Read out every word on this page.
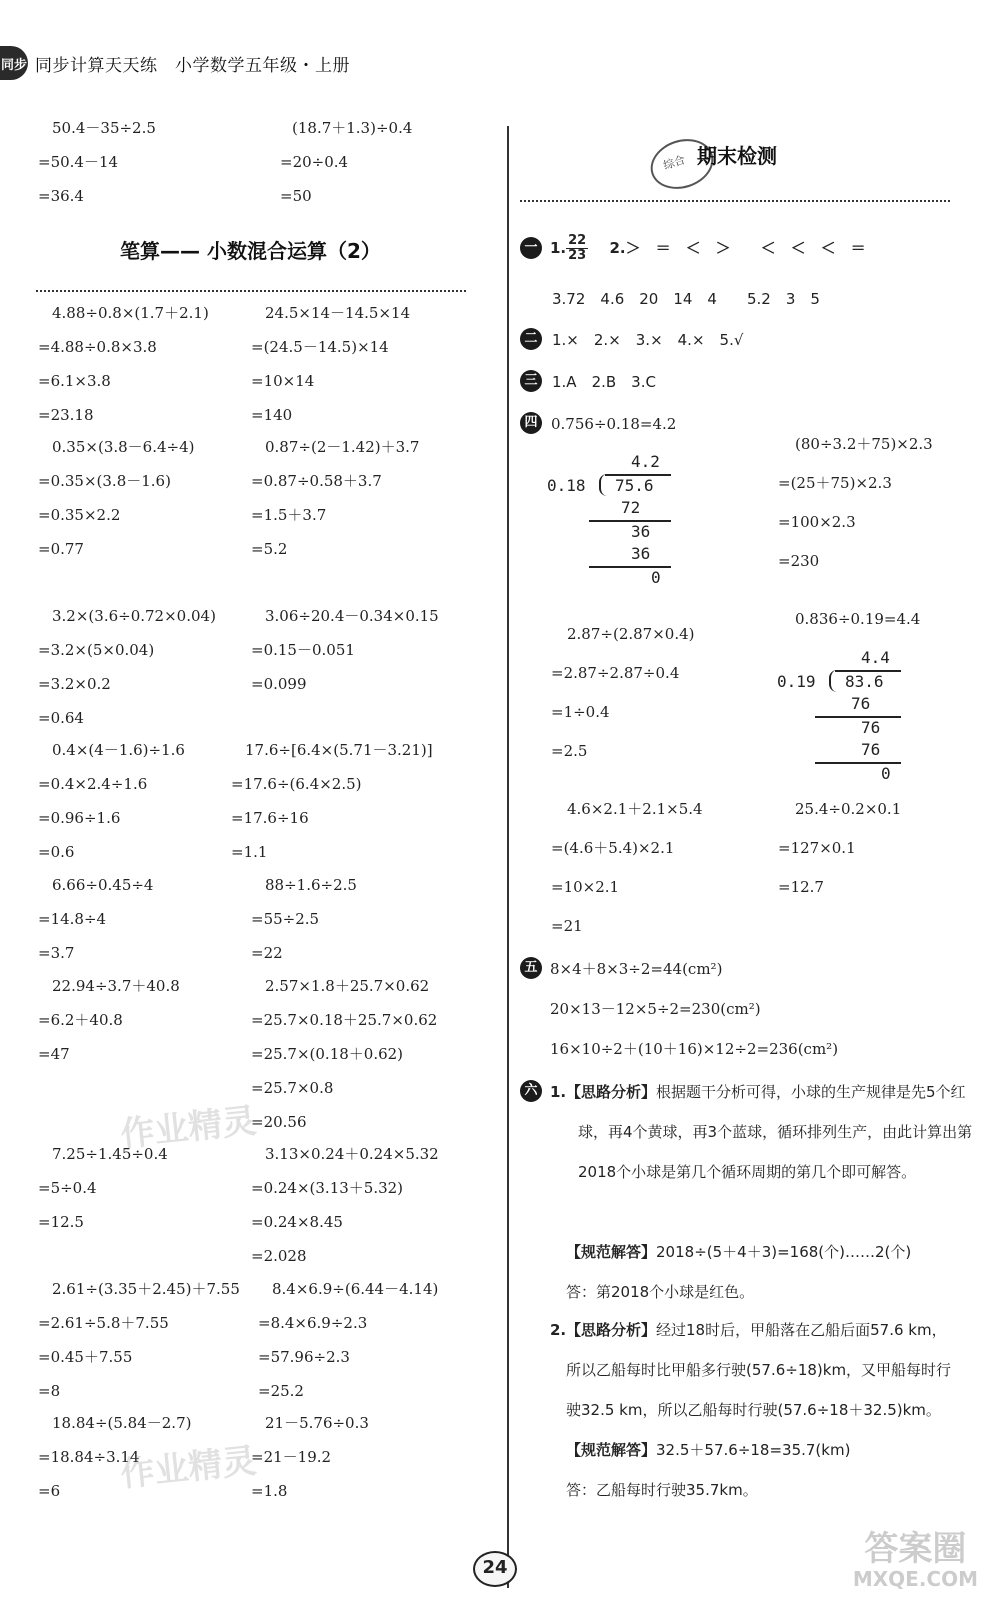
同步 同步计算天天练　小学数学五年级・上册
50.4－35÷2.5
=50.4－14
=36.4
(18.7＋1.3)÷0.4
=20÷0.4
=50
笔算—— 小数混合运算（2）
4.88÷0.8×(1.7＋2.1)
=4.88÷0.8×3.8
=6.1×3.8
=23.18
24.5×14－14.5×14
=(24.5－14.5)×14
=10×14
=140
0.35×(3.8－6.4÷4)
=0.35×(3.8－1.6)
=0.35×2.2
=0.77
0.87÷(2－1.42)＋3.7
=0.87÷0.58＋3.7
=1.5＋3.7
=5.2
3.2×(3.6÷0.72×0.04)
=3.2×(5×0.04)
=3.2×0.2
=0.64
3.06÷20.4－0.34×0.15
=0.15－0.051
=0.099
0.4×(4－1.6)÷1.6
=0.4×2.4÷1.6
=0.96÷1.6
=0.6
17.6÷[6.4×(5.71－3.21)]
=17.6÷(6.4×2.5)
=17.6÷16
=1.1
6.66÷0.45÷4
=14.8÷4
=3.7
88÷1.6÷2.5
=55÷2.5
=22
22.94÷3.7＋40.8
=6.2＋40.8
=47
2.57×1.8＋25.7×0.62
=25.7×0.18＋25.7×0.62
=25.7×(0.18＋0.62)
=25.7×0.8
=20.56
7.25÷1.45÷0.4
=5÷0.4
=12.5
3.13×0.24＋0.24×5.32
=0.24×(3.13＋5.32)
=0.24×8.45
=2.028
2.61÷(3.35＋2.45)＋7.55
=2.61÷5.8＋7.55
=0.45＋7.55
=8
8.4×6.9÷(6.44－4.14)
=8.4×6.9÷2.3
=57.96÷2.3
=25.2
18.84÷(5.84－2.7)
=18.84÷3.14
=6
21－5.76÷0.3
=21－19.2
=1.8
综合 期末检测
一 1. $\frac{22}{23} 2.>$　＝　＜　＞　　＜　＜　＜　＝
3.72　4.6　20　14　4　　5.2　3　5
二 1.×　2.×　3.×　4.×　5.√
三 1.A　2.B　3.C
四 0.756÷0.18=4.2
4.2
0.18 75.6
72
36
36
0
(80÷3.2＋75)×2.3
=(25＋75)×2.3
=100×2.3
=230
0.836÷0.19=4.4
4.4
0.19 83.6
76
76
76
0
2.87÷(2.87×0.4)
=2.87÷2.87÷0.4
=1÷0.4
=2.5
4.6×2.1＋2.1×5.4
=(4.6＋5.4)×2.1
=10×2.1
=21
25.4÷0.2×0.1
=127×0.1
=12.7
五 8×4＋8×3÷2=44(cm²)
20×13－12×5÷2=230(cm²)
16×10÷2＋(10＋16)×12÷2=236(cm²)
六 1. 【思路分析】根据题干分析可得，小球的生产规律是先5个红球，再4个黄球，再3个蓝球，循环排列生产，由此计算出第2018个小球是第几个循环周期的第几个即可解答。
【规范解答】2018÷(5＋4＋3)=168(个)……2(个)
答：第2018个小球是红色。
2. 【思路分析】经过18时后，甲船落在乙船后面57.6 km，所以乙船每时比甲船多行驶(57.6÷18)km，又甲船每时行驶32.5 km，所以乙船每时行驶(57.6÷18＋32.5)km。
【规范解答】32.5＋57.6÷18=35.7(km)
答：乙船每时行驶35.7km。
作业精灵
作业精灵
答案圈
MXQE.COM
24
